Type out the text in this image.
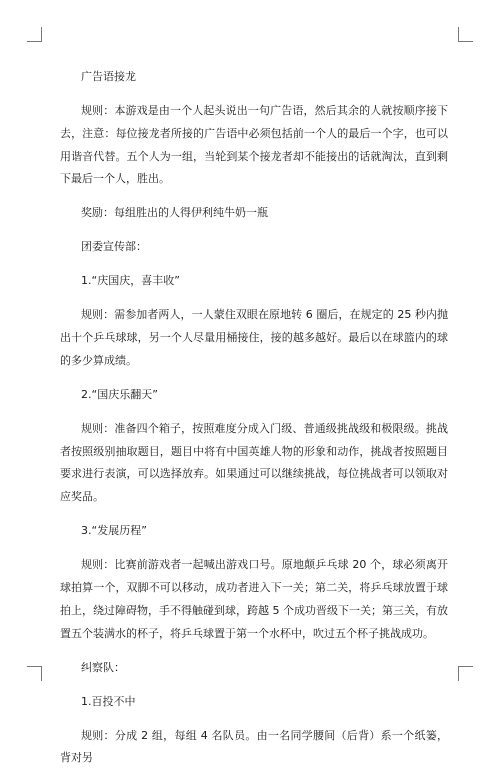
广告语接龙

规则：本游戏是由一个人起头说出一句广告语，然后其余的人就按顺序接下去，注意：每位接龙者所接的广告语中必须包括前一个人的最后一个字，也可以用谐音代替。五个人为一组，当轮到某个接龙者却不能接出的话就淘汰，直到剩下最后一个人，胜出。

奖励：每组胜出的人得伊利纯牛奶一瓶

团委宣传部：

1.“庆国庆，喜丰收”

规则：需参加者两人，一人蒙住双眼在原地转 6 圈后，在规定的 25 秒内抛出十个乒乓球球，另一个人尽量用桶接住，接的越多越好。最后以在球篮内的球的多少算成绩。

2.“国庆乐翻天”

规则：准备四个箱子，按照难度分成入门级、普通级挑战级和极限级。挑战者按照级别抽取题目，题目中将有中国英雄人物的形象和动作，挑战者按照题目要求进行表演，可以选择放弃。如果通过可以继续挑战，每位挑战者可以领取对应奖品。

3.“发展历程”

规则：比赛前游戏者一起喊出游戏口号。原地颠乒乓球 20 个，球必须离开球拍算一个，双脚不可以移动，成功者进入下一关；第二关，将乒乓球放置于球拍上，绕过障碍物，手不得触碰到球，跨越 5 个成功晋级下一关；第三关，有放置五个装满水的杯子，将乒乓球置于第一个水杯中，吹过五个杯子挑战成功。

纠察队：

1.百投不中

规则：分成 2 组，每组 4 名队员。由一名同学腰间（后背）系一个纸篓，背对另
